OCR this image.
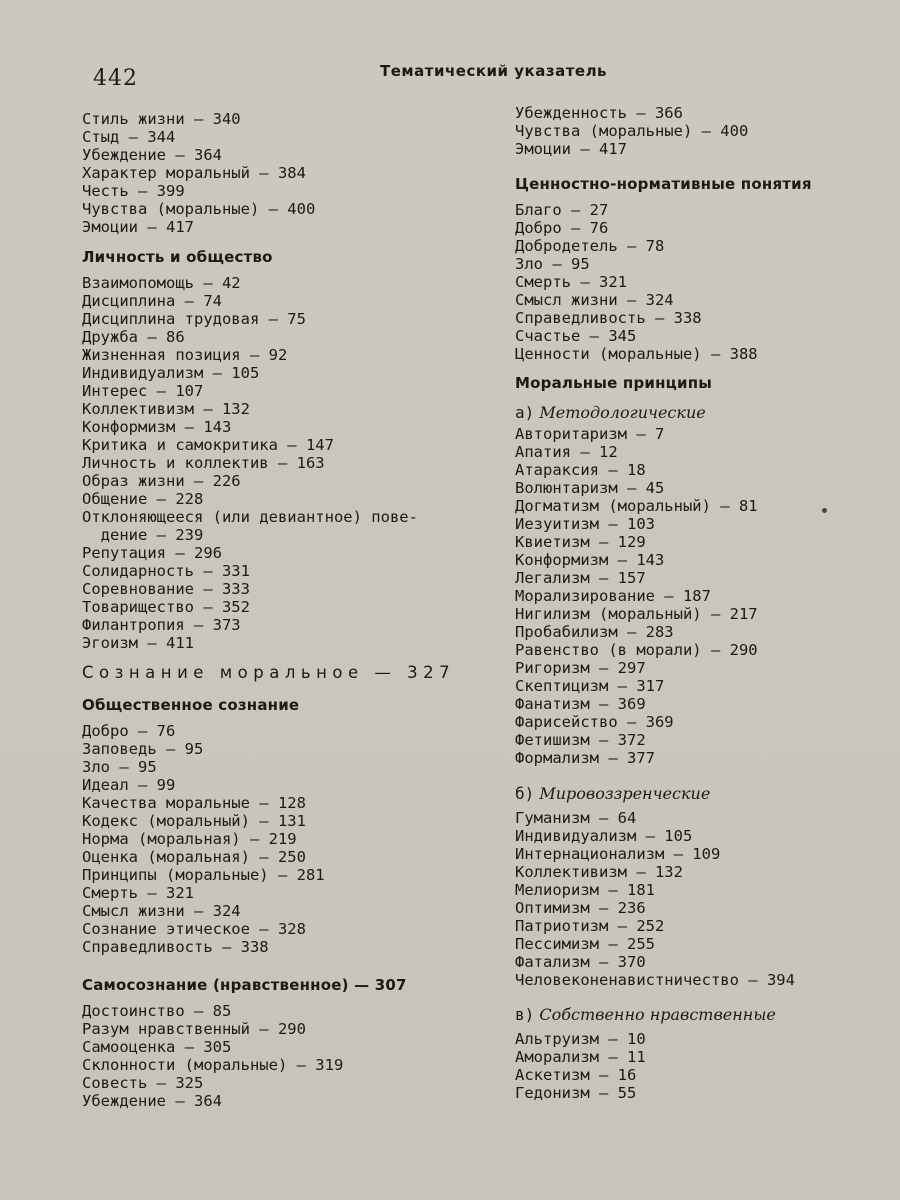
442	Тематический указатель
Стиль жизни — 340
Стыд — 344
Убеждение — 364
Характер моральный — 384
Честь — 399
Чувства (моральные) — 400
Эмоции — 417
Личность и общество
Взаимопомощь — 42
Дисциплина — 74
Дисциплина трудовая — 75
Дружба — 86
Жизненная позиция — 92
Индивидуализм — 105
Интерес — 107
Коллективизм — 132
Конформизм — 143
Критика и самокритика — 147
Личность и коллектив — 163
Образ жизни — 226
Общение — 228
Отклоняющееся (или девиантное) пове-
дение — 239
Репутация — 296
Солидарность — 331
Соревнование — 333
Товарищество — 352
Филантропия — 373
Эгоизм — 411
Сознание моральное — 327
Общественное сознание
Добро — 76
Заповедь — 95
Зло — 95
Идеал — 99
Качества моральные — 128
Кодекс (моральный) — 131
Норма (моральная) — 219
Оценка (моральная) — 250
Принципы (моральные) — 281
Смерть — 321
Смысл жизни — 324
Сознание этическое — 328
Справедливость — 338
Самосознание (нравственное) — 307
Достоинство — 85
Разум нравственный — 290
Самооценка — 305
Склонности (моральные) — 319
Совесть — 325
Убеждение — 364
Убежденность — 366
Чувства (моральные) — 400
Эмоции — 417
Ценностно-нормативные понятия
Благо — 27
Добро — 76
Добродетель — 78
Зло — 95
Смерть — 321
Смысл жизни — 324
Справедливость — 338
Счастье — 345
Ценности (моральные) — 388
Моральные принципы
а) Методологические
Авторитаризм — 7
Апатия — 12
Атараксия — 18
Волюнтаризм — 45
Догматизм (моральный) — 81
Иезуитизм — 103
Квиетизм — 129
Конформизм — 143
Легализм — 157
Морализирование — 187
Нигилизм (моральный) — 217
Пробабилизм — 283
Равенство (в морали) — 290
Ригоризм — 297
Скептицизм — 317
Фанатизм — 369
Фарисейство — 369
Фетишизм — 372
Формализм — 377
б) Мировоззренческие
Гуманизм — 64
Индивидуализм — 105
Интернационализм — 109
Коллективизм — 132
Мелиоризм — 181
Оптимизм — 236
Патриотизм — 252
Пессимизм — 255
Фатализм — 370
Человеконенавистничество — 394
в) Собственно нравственные
Альтруизм — 10
Аморализм — 11
Аскетизм — 16
Гедонизм — 55
